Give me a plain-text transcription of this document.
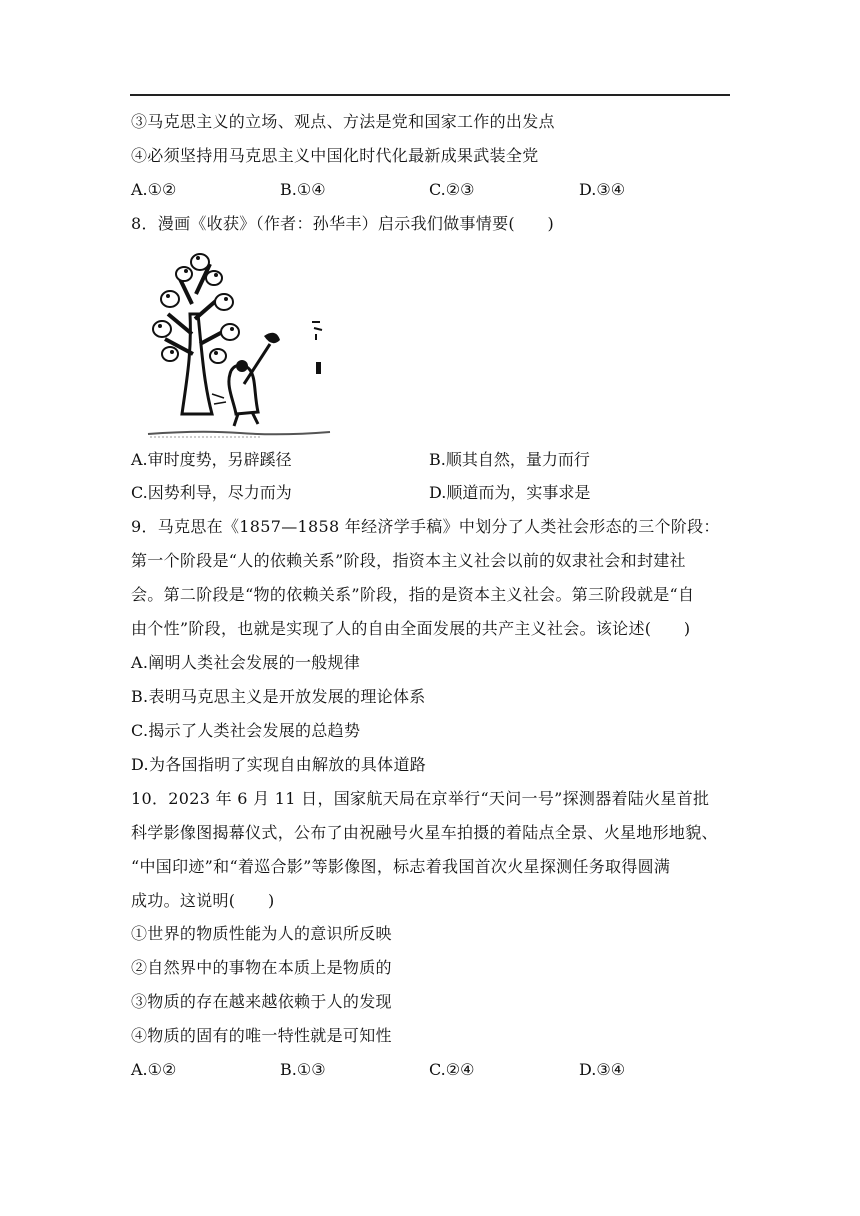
③马克思主义的立场、观点、方法是党和国家工作的出发点
④必须坚持用马克思主义中国化时代化最新成果武装全党
A.①②	B.①④	C.②③	D.③④
8．漫画《收获》（作者：孙华丰）启示我们做事情要(　　)
A.审时度势，另辟蹊径	B.顺其自然，量力而行
C.因势利导，尽力而为	D.顺道而为，实事求是
9．马克思在《1857—1858 年经济学手稿》中划分了人类社会形态的三个阶段：
第一个阶段是“人的依赖关系”阶段，指资本主义社会以前的奴隶社会和封建社
会。第二阶段是“物的依赖关系”阶段，指的是资本主义社会。第三阶段就是“自
由个性”阶段，也就是实现了人的自由全面发展的共产主义社会。该论述(　　)
A.阐明人类社会发展的一般规律
B.表明马克思主义是开放发展的理论体系
C.揭示了人类社会发展的总趋势
D.为各国指明了实现自由解放的具体道路
10．2023 年 6 月 11 日，国家航天局在京举行“天问一号”探测器着陆火星首批
科学影像图揭幕仪式，公布了由祝融号火星车拍摄的着陆点全景、火星地形地貌、
“中国印迹”和“着巡合影”等影像图，标志着我国首次火星探测任务取得圆满
成功。这说明(　　)
①世界的物质性能为人的意识所反映
②自然界中的事物在本质上是物质的
③物质的存在越来越依赖于人的发现
④物质的固有的唯一特性就是可知性
A.①②	B.①③	C.②④	D.③④
